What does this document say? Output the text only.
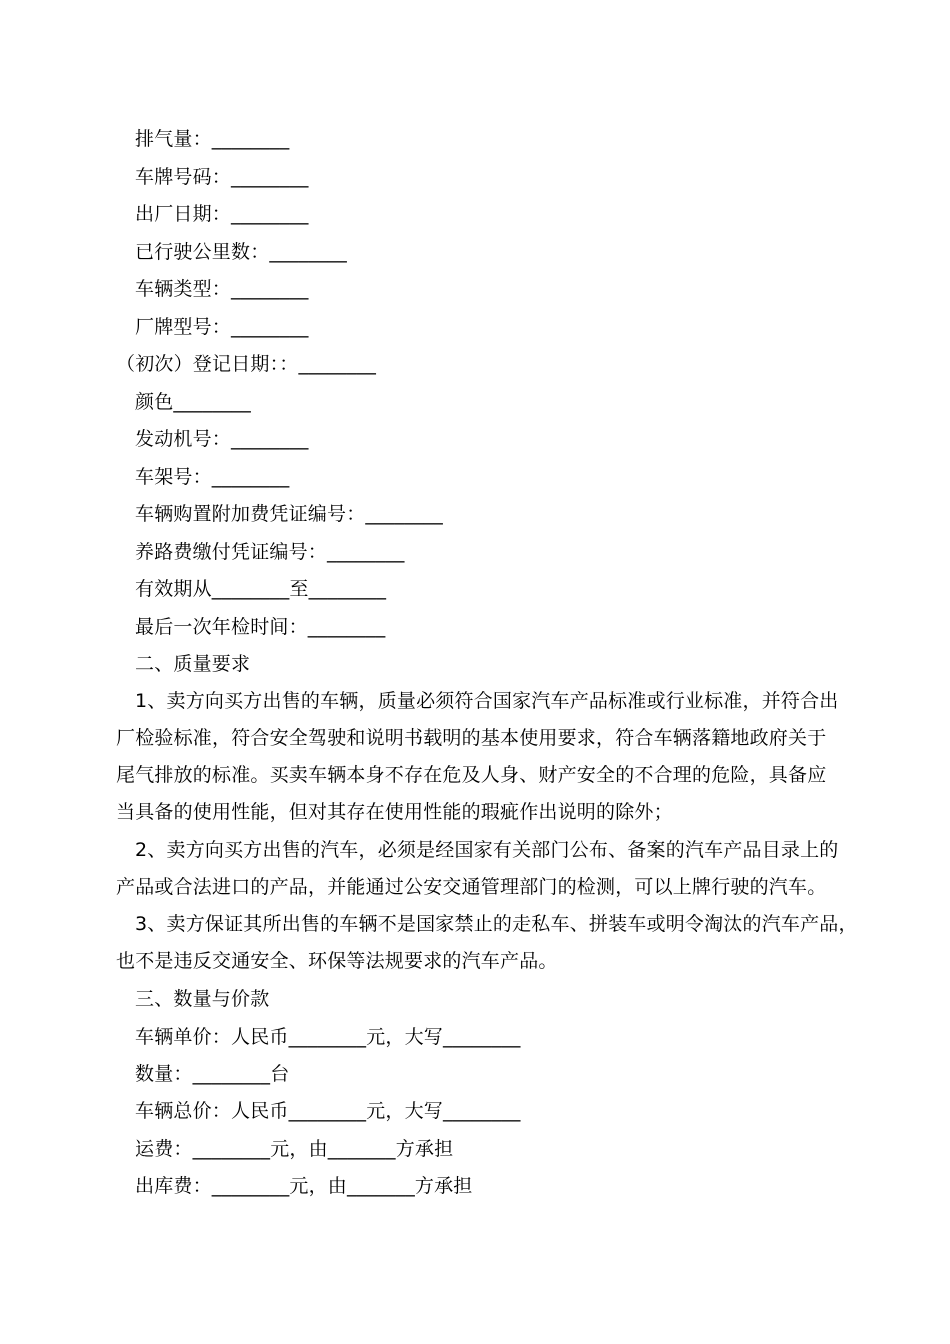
排气量：________
车牌号码：________
出厂日期：________
已行驶公里数：________
车辆类型：________
厂牌型号：________
（初次）登记日期：：________
颜色________
发动机号：________
车架号：________
车辆购置附加费凭证编号：________
养路费缴付凭证编号：________
有效期从________至________
最后一次年检时间：________
二、质量要求
1、卖方向买方出售的车辆，质量必须符合国家汽车产品标准或行业标准，并符合出
厂检验标准，符合安全驾驶和说明书载明的基本使用要求，符合车辆落籍地政府关于
尾气排放的标准。买卖车辆本身不存在危及人身、财产安全的不合理的危险，具备应
当具备的使用性能，但对其存在使用性能的瑕疵作出说明的除外；
2、卖方向买方出售的汽车，必须是经国家有关部门公布、备案的汽车产品目录上的
产品或合法进口的产品，并能通过公安交通管理部门的检测，可以上牌行驶的汽车。
3、卖方保证其所出售的车辆不是国家禁止的走私车、拼装车或明令淘汰的汽车产品，
也不是违反交通安全、环保等法规要求的汽车产品。
三、数量与价款
车辆单价：人民币________元，大写________
数量：________台
车辆总价：人民币________元，大写________
运费：________元，由_______方承担
出库费：________元，由_______方承担
